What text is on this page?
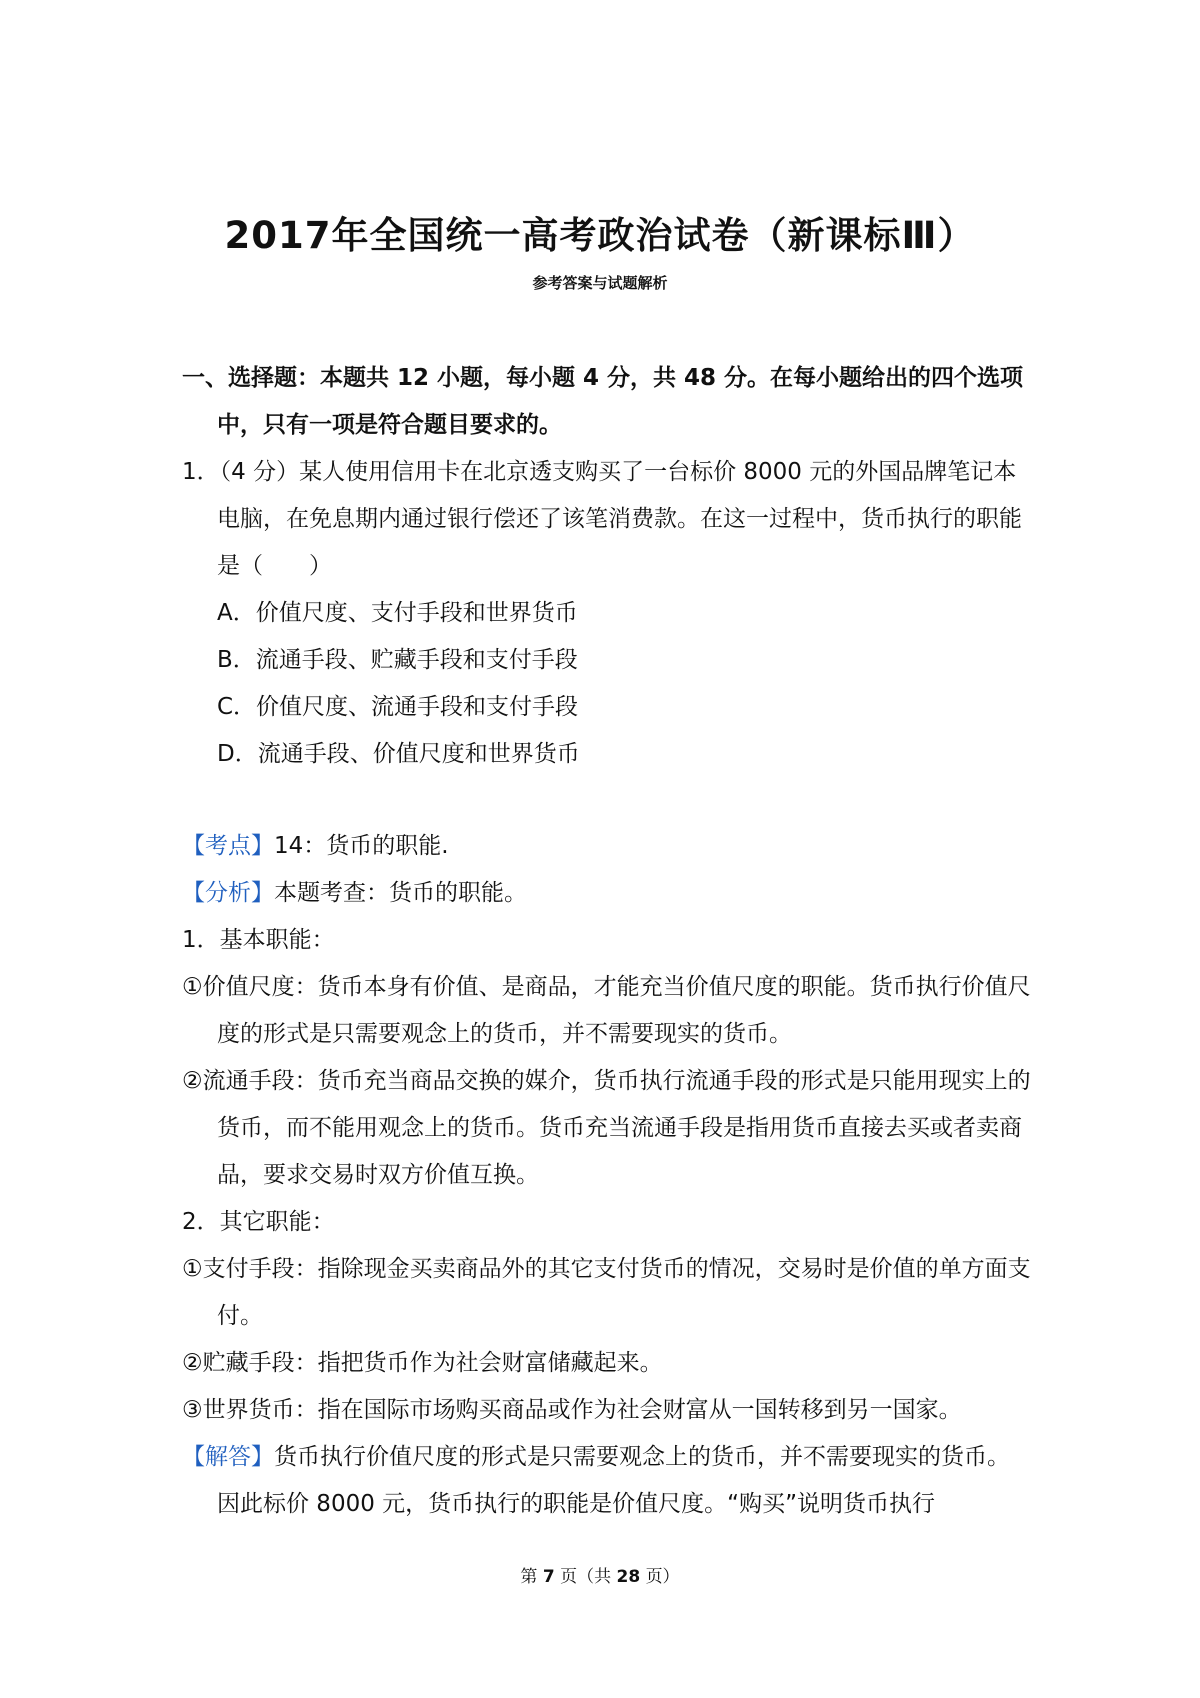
2017年全国统一高考政治试卷（新课标Ⅲ）
参考答案与试题解析

一、选择题：本题共 12 小题，每小题 4 分，共 48 分。在每小题给出的四个选项中，只有一项是符合题目要求的。

1．（4 分）某人使用信用卡在北京透支购买了一台标价 8000 元的外国品牌笔记本电脑，在免息期内通过银行偿还了该笔消费款。在这一过程中，货币执行的职能是（　　）

A．价值尺度、支付手段和世界货币

B．流通手段、贮藏手段和支付手段

C．价值尺度、流通手段和支付手段

D．流通手段、价值尺度和世界货币

【考点】14：货币的职能.

【分析】本题考查：货币的职能。

1．基本职能：

①价值尺度：货币本身有价值、是商品，才能充当价值尺度的职能。货币执行价值尺度的形式是只需要观念上的货币，并不需要现实的货币。

②流通手段：货币充当商品交换的媒介，货币执行流通手段的形式是只能用现实上的货币，而不能用观念上的货币。货币充当流通手段是指用货币直接去买或者卖商品，要求交易时双方价值互换。

2．其它职能：

①支付手段：指除现金买卖商品外的其它支付货币的情况，交易时是价值的单方面支付。

②贮藏手段：指把货币作为社会财富储藏起来。

③世界货币：指在国际市场购买商品或作为社会财富从一国转移到另一国家。

【解答】货币执行价值尺度的形式是只需要观念上的货币，并不需要现实的货币。因此标价 8000 元，货币执行的职能是价值尺度。“购买”说明货币执行

第 7 页（共 28 页）
